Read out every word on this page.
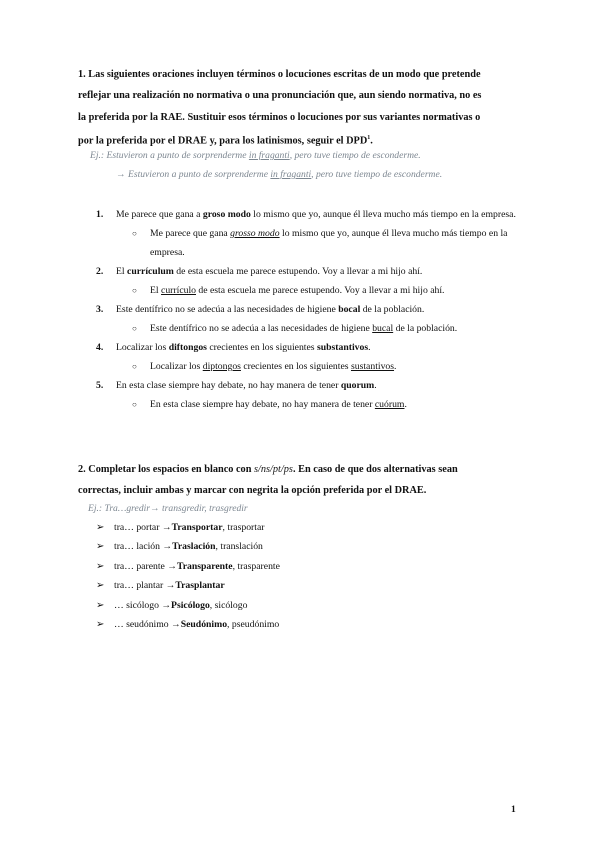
1. Las siguientes oraciones incluyen términos o locuciones escritas de un modo que pretende
reflejar una realización no normativa o una pronunciación que, aun siendo normativa, no es
la preferida por la RAE. Sustituir esos términos o locuciones por sus variantes normativas o
por la preferida por el DRAE y, para los latinismos, seguir el DPD$^1$.
Ej.: Estuvieron a punto de sorprenderme in fraganti, pero tuve tiempo de esconderme.
→ Estuvieron a punto de sorprenderme in fraganti, pero tuve tiempo de esconderme.
1. Me parece que gana a groso modo lo mismo que yo, aunque él lleva mucho más tiempo en la empresa.
○ Me parece que gana grosso modo lo mismo que yo, aunque él lleva mucho más tiempo en la empresa.
2. El currículum de esta escuela me parece estupendo. Voy a llevar a mi hijo ahí.
○ El currículo de esta escuela me parece estupendo. Voy a llevar a mi hijo ahí.
3. Este dentífrico no se adecúa a las necesidades de higiene bocal de la población.
○ Este dentífrico no se adecúa a las necesidades de higiene bucal de la población.
4. Localizar los diftongos crecientes en los siguientes substantivos.
○ Localizar los diptongos crecientes en los siguientes sustantivos.
5. En esta clase siempre hay debate, no hay manera de tener quorum.
○ En esta clase siempre hay debate, no hay manera de tener cuórum.
2. Completar los espacios en blanco con s/ns/pt/ps. En caso de que dos alternativas sean
correctas, incluir ambas y marcar con negrita la opción preferida por el DRAE.
Ej.: Tra…gredir→ transgredir, trasgredir
➢ tra… portar →Transportar, trasportar
➢ tra… lación →Traslación, translación
➢ tra… parente →Transparente, trasparente
➢ tra… plantar →Trasplantar
➢ … sicólogo →Psicólogo, sicólogo
➢ … seudónimo →Seudónimo, pseudónimo
1
